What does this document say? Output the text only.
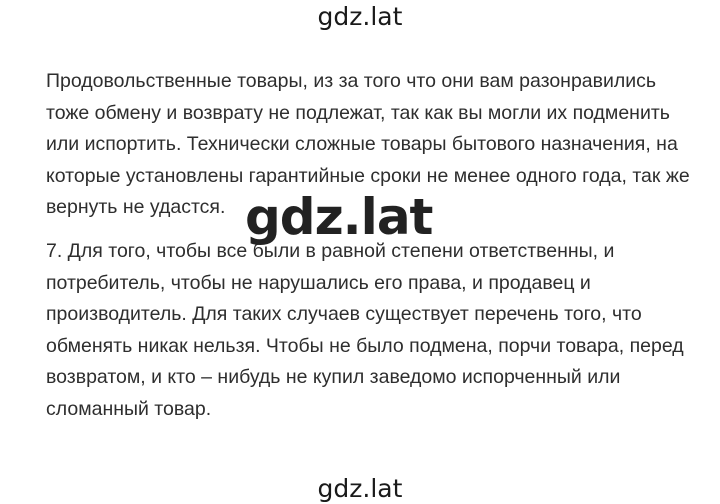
gdz.lat
Продовольственные товары, из за того что они вам разонравились
тоже обмену и возврату не подлежат, так как вы могли их подменить
или испортить. Технически сложные товары бытового назначения, на
которые установлены гарантийные сроки не менее одного года, так же
вернуть не удастся.
7. Для того, чтобы все были в равной степени ответственны, и
потребитель, чтобы не нарушались его права, и продавец и
производитель. Для таких случаев существует перечень того, что
обменять никак нельзя. Чтобы не было подмена, порчи товара, перед
возвратом, и кто – нибудь не купил заведомо испорченный или
сломанный товар.
gdz.lat
gdz.lat
